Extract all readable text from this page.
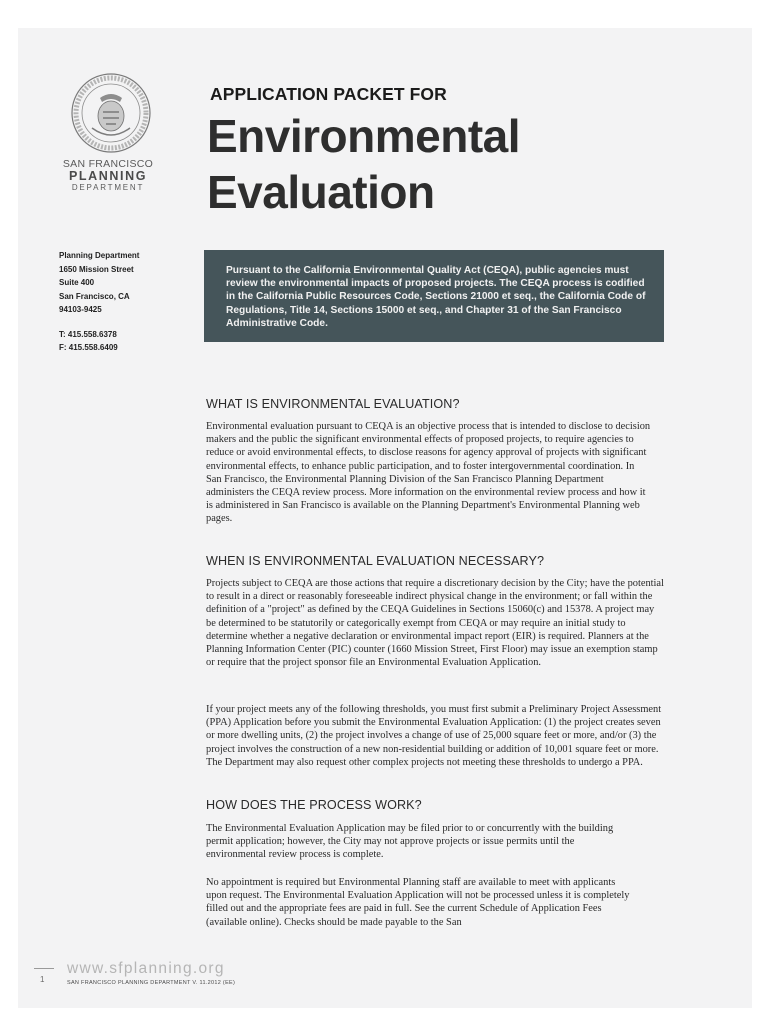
SAN FRANCISCO
PLANNING
DEPARTMENT
Planning Department
1650 Mission Street
Suite 400
San Francisco, CA
94103-9425
T: 415.558.6378
F: 415.558.6409
APPLICATION PACKET FOR
Environmental
Evaluation
Pursuant to the California Environmental Quality Act (CEQA), public agencies must review the environmental impacts of proposed projects. The CEQA process is codified in the California Public Resources Code, Sections 21000 et seq., the California Code of Regulations, Title 14, Sections 15000 et seq., and Chapter 31 of the San Francisco Administrative Code.
WHAT IS ENVIRONMENTAL EVALUATION?

Environmental evaluation pursuant to CEQA is an objective process that is intended to disclose to decision makers and the public the significant environmental effects of proposed projects, to require agencies to reduce or avoid environmental effects, to disclose reasons for agency approval of projects with significant environmental effects, to enhance public participation, and to foster intergovernmental coordination. In San Francisco, the Environmental Planning Division of the San Francisco Planning Department administers the CEQA review process. More information on the environmental review process and how it is administered in San Francisco is available on the Planning Department's Environmental Planning web pages.

WHEN IS ENVIRONMENTAL EVALUATION NECESSARY?

Projects subject to CEQA are those actions that require a discretionary decision by the City; have the potential to result in a direct or reasonably foreseeable indirect physical change in the environment; or fall within the definition of a "project" as defined by the CEQA Guidelines in Sections 15060(c) and 15378. A project may be determined to be statutorily or categorically exempt from CEQA or may require an initial study to determine whether a negative declaration or environmental impact report (EIR) is required. Planners at the Planning Information Center (PIC) counter (1660 Mission Street, First Floor) may issue an exemption stamp or require that the project sponsor file an Environmental Evaluation Application.

If your project meets any of the following thresholds, you must first submit a Preliminary Project Assessment (PPA) Application before you submit the Environmental Evaluation Application: (1) the project creates seven or more dwelling units, (2) the project involves a change of use of 25,000 square feet or more, and/or (3) the project involves the construction of a new non-residential building or addition of 10,001 square feet or more. The Department may also request other complex projects not meeting these thresholds to undergo a PPA.

HOW DOES THE PROCESS WORK?

The Environmental Evaluation Application may be filed prior to or concurrently with the building permit application; however, the City may not approve projects or issue permits until the environmental review process is complete.

No appointment is required but Environmental Planning staff are available to meet with applicants upon request. The Environmental Evaluation Application will not be processed unless it is completely filled out and the appropriate fees are paid in full. See the current Schedule of Application Fees (available online). Checks should be made payable to the San

1
www.sfplanning.org
SAN FRANCISCO PLANNING DEPARTMENT V. 11.2012 (EE)
